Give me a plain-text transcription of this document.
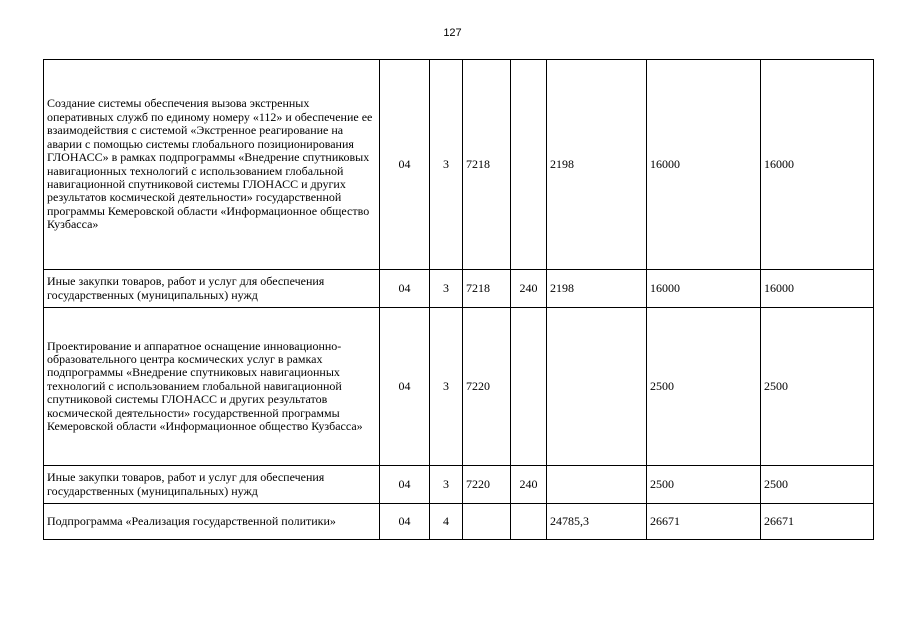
127
Создание системы обеспечения вызова экстренных оперативных служб по единому номеру «112» и обеспечение ее взаимодействия с системой «Экстренное реагирование на аварии с помощью системы глобального позиционирования ГЛОНАСС» в рамках подпрограммы «Внедрение спутниковых навигационных технологий с использованием глобальной навигационной спутниковой системы ГЛОНАСС и других результатов космической деятельности» государственной программы Кемеровской области «Информационное общество Кузбасса»	04	3	7218		2198	16000	16000
Иные закупки товаров, работ и услуг для обеспечения государственных (муниципальных) нужд	04	3	7218	240	2198	16000	16000
Проектирование и аппаратное оснащение инновационно-образовательного центра космических услуг в рамках подпрограммы «Внедрение спутниковых навигационных технологий с использованием глобальной навигационной спутниковой системы ГЛОНАСС и других результатов космической деятельности» государственной программы Кемеровской области «Информационное общество Кузбасса»	04	3	7220			2500	2500
Иные закупки товаров, работ и услуг для обеспечения государственных (муниципальных) нужд	04	3	7220	240		2500	2500
Подпрограмма «Реализация государственной политики»	04	4			24785,3	26671	26671
